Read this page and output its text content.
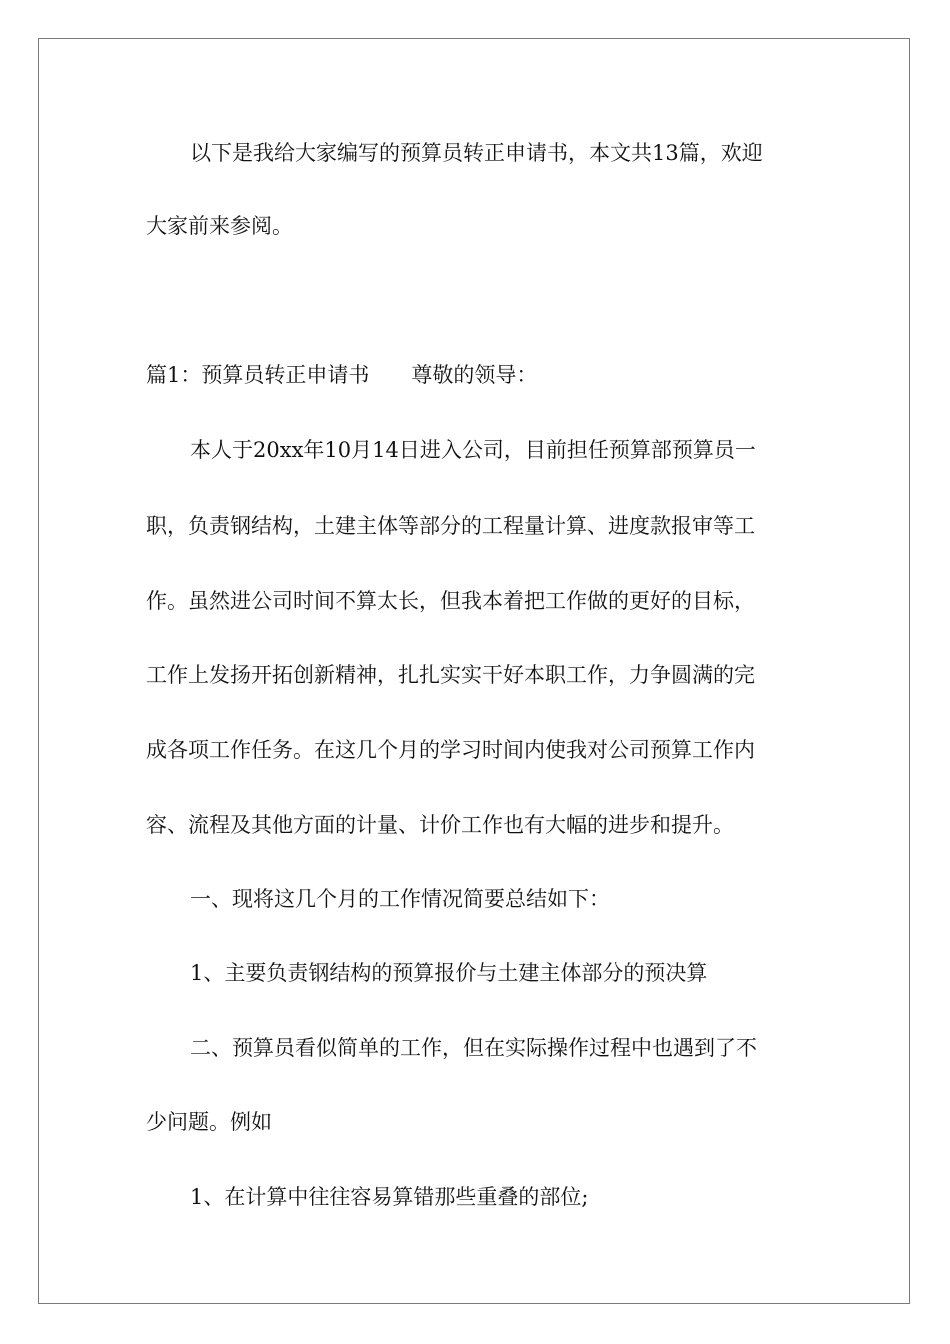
以下是我给大家编写的预算员转正申请书，本文共13篇，欢迎
大家前来参阅。
篇1：预算员转正申请书 尊敬的领导：
本人于20xx年10月14日进入公司，目前担任预算部预算员一
职，负责钢结构，土建主体等部分的工程量计算、进度款报审等工
作。虽然进公司时间不算太长，但我本着把工作做的更好的目标，
工作上发扬开拓创新精神，扎扎实实干好本职工作，力争圆满的完
成各项工作任务。在这几个月的学习时间内使我对公司预算工作内
容、流程及其他方面的计量、计价工作也有大幅的进步和提升。
一、现将这几个月的工作情况简要总结如下：
1、主要负责钢结构的预算报价与土建主体部分的预决算
二、预算员看似简单的工作，但在实际操作过程中也遇到了不
少问题。例如
1、在计算中往往容易算错那些重叠的部位;
